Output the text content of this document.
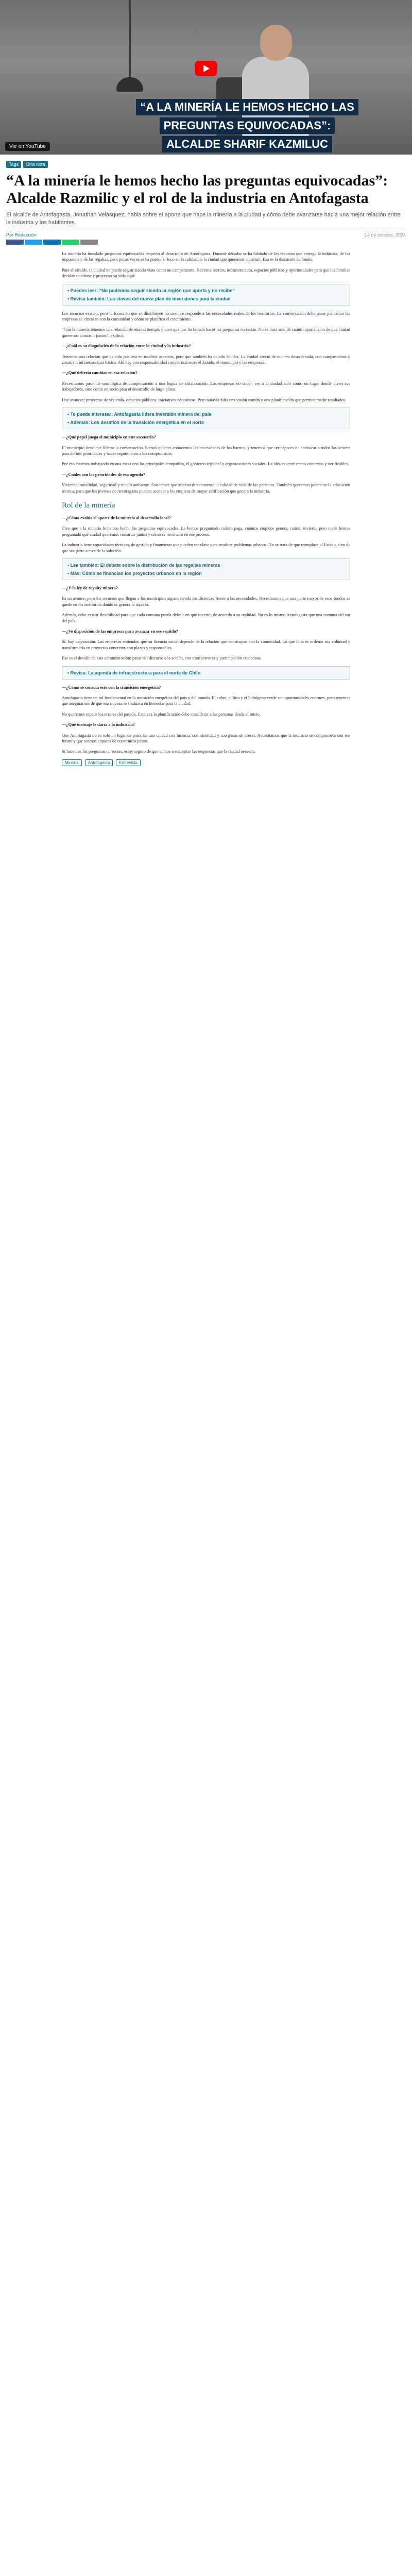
“A LA MINERÍA LE HEMOS HECHO LAS
PREGUNTAS EQUIVOCADAS”:
ALCALDE SHARIF KAZMILUC
Ver en YouTube
Tags	Otra nota
“A la minería le hemos hecho las preguntas equivocadas”: Alcalde Razmilic y el rol de la industria en Antofagasta

El alcalde de Antofagasta, Jonathan Velásquez, habla sobre el aporte que hace la minería a la ciudad y cómo debe avanzarse hacia una mejor relación entre la industria y los habitantes.

Por Redacción	14 de octubre, 2024

La minería ha instalado preguntas equivocadas respecto al desarrollo de Antofagasta. Durante décadas se ha hablado de los recursos que entrega la industria, de los impuestos y de las regalías, pero pocas veces se ha puesto el foco en la calidad de la ciudad que queremos construir. Esa es la discusión de fondo.

Para el alcalde, la ciudad no puede seguir siendo vista como un campamento. Necesita barrios, infraestructura, espacios públicos y oportunidades para que las familias decidan quedarse y proyectar su vida aquí.

• Puedes leer: “No podemos seguir siendo la región que aporta y no recibe”
• Revisa también: Las claves del nuevo plan de inversiones para la ciudad

Los recursos existen, pero la forma en que se distribuyen no siempre responde a las necesidades reales de los territorios. La conversación debe pasar por cómo las empresas se vinculan con la comunidad y cómo se planifica el crecimiento.

“Con la minería tenemos una relación de mucho tiempo, y creo que nos ha faltado hacer las preguntas correctas. No se trata solo de cuánto aporta, sino de qué ciudad queremos construir juntos”, explicó.

—¿Cuál es su diagnóstico de la relación entre la ciudad y la industria?

Tenemos una relación que ha sido positiva en muchos aspectos, pero que también ha dejado deudas. La ciudad creció de manera desordenada, con campamentos y zonas sin infraestructura básica. Ahí hay una responsabilidad compartida entre el Estado, el municipio y las empresas.

—¿Qué debería cambiar en esa relación?

Necesitamos pasar de una lógica de compensación a una lógica de colaboración. Las empresas no deben ver a la ciudad solo como un lugar donde viven sus trabajadores, sino como un socio para el desarrollo de largo plazo.

Hay avances: proyectos de vivienda, espacios públicos, iniciativas educativas. Pero todavía falta una visión común y una planificación que permita medir resultados.

• Te puede interesar: Antofagasta lidera inversión minera del país
• Además: Los desafíos de la transición energética en el norte

—¿Qué papel juega el municipio en este escenario?

El municipio tiene que liderar la conversación. Somos quienes conocemos las necesidades de los barrios, y tenemos que ser capaces de convocar a todos los actores para definir prioridades y hacer seguimiento a los compromisos.

Por eso estamos trabajando en una mesa con las principales compañías, el gobierno regional y organizaciones sociales. La idea es tener metas concretas y verificables.

—¿Cuáles son las prioridades de esa agenda?

Vivienda, movilidad, seguridad y medio ambiente. Son temas que afectan directamente la calidad de vida de las personas. También queremos potenciar la educación técnica, para que los jóvenes de Antofagasta puedan acceder a los empleos de mayor calificación que genera la industria.

Rol de la minería

—¿Cómo evalúa el aporte de la minería al desarrollo local?

Creo que a la minería le hemos hecho las preguntas equivocadas. Le hemos preguntado cuánto paga, cuántos empleos genera, cuánto invierte, pero no le hemos preguntado qué ciudad queremos construir juntos y cómo se involucra en ese proceso.

La industria tiene capacidades técnicas, de gestión y financieras que pueden ser clave para resolver problemas urbanos. No se trata de que reemplace al Estado, sino de que sea parte activa de la solución.

• Lee también: El debate sobre la distribución de las regalías mineras
• Más: Cómo se financian los proyectos urbanos en la región

—¿Y la ley de royalty minero?

Es un avance, pero los recursos que llegan a los municipios siguen siendo insuficientes frente a las necesidades. Necesitamos que una parte mayor de esos fondos se quede en los territorios donde se genera la riqueza.

Además, debe existir flexibilidad para que cada comuna pueda definir en qué invertir, de acuerdo a su realidad. No es lo mismo Antofagasta que una comuna del sur del país.

—¿Ve disposición de las empresas para avanzar en ese sentido?

Sí, hay disposición. Las empresas entienden que su licencia social depende de la relación que construyan con la comunidad. Lo que falta es ordenar esa voluntad y transformarla en proyectos concretos con plazos y responsables.

Ese es el desafío de esta administración: pasar del discurso a la acción, con transparencia y participación ciudadana.

• Revisa: La agenda de infraestructura para el norte de Chile

—¿Cómo se conecta esto con la transición energética?

Antofagasta tiene un rol fundamental en la transición energética del país y del mundo. El cobre, el litio y el hidrógeno verde son oportunidades enormes, pero tenemos que asegurarnos de que esa riqueza se traduzca en bienestar para la ciudad.

No queremos repetir los errores del pasado. Esta vez la planificación debe considerar a las personas desde el inicio.

—¿Qué mensaje le daría a la industria?

Que Antofagasta no es solo un lugar de paso. Es una ciudad con historia, con identidad y con ganas de crecer. Necesitamos que la industria se comprometa con ese futuro y que seamos capaces de construirlo juntos.

Si hacemos las preguntas correctas, estoy seguro de que vamos a encontrar las respuestas que la ciudad necesita.

Minería	Antofagasta	Entrevista
